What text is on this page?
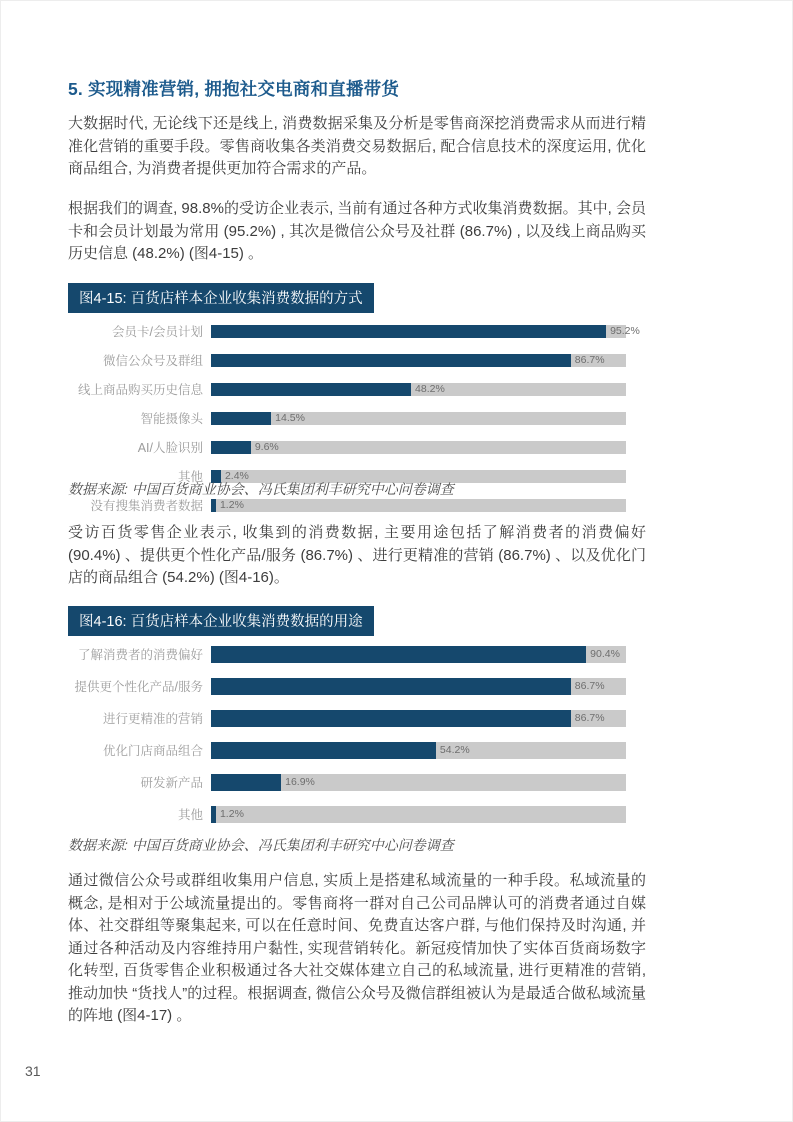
5. 实现精准营销, 拥抱社交电商和直播带货
大数据时代, 无论线下还是线上, 消费数据采集及分析是零售商深挖消费需求从而进行精准化营销的重要手段。零售商收集各类消费交易数据后, 配合信息技术的深度运用, 优化商品组合, 为消费者提供更加符合需求的产品。
根据我们的调查, 98.8%的受访企业表示, 当前有通过各种方式收集消费数据。其中, 会员卡和会员计划最为常用 (95.2%) , 其次是微信公众号及社群 (86.7%) , 以及线上商品购买历史信息 (48.2%) (图4-15) 。
图4-15: 百货店样本企业收集消费数据的方式
会员卡/会员计划	95.2%
微信公众号及群组	86.7%
线上商品购买历史信息	48.2%
智能摄像头	14.5%
AI/人脸识别	9.6%
其他	2.4%
没有搜集消费者数据	1.2%
数据来源: 中国百货商业协会、冯氏集团利丰研究中心问卷调查
受访百货零售企业表示, 收集到的消费数据, 主要用途包括了解消费者的消费偏好 (90.4%) 、提供更个性化产品/服务 (86.7%) 、进行更精准的营销 (86.7%) 、以及优化门店的商品组合 (54.2%) (图4-16)。
图4-16: 百货店样本企业收集消费数据的用途
了解消费者的消费偏好	90.4%
提供更个性化产品/服务	86.7%
进行更精准的营销	86.7%
优化门店商品组合	54.2%
研发新产品	16.9%
其他	1.2%
数据来源: 中国百货商业协会、冯氏集团利丰研究中心问卷调查
通过微信公众号或群组收集用户信息, 实质上是搭建私域流量的一种手段。私域流量的概念, 是相对于公域流量提出的。零售商将一群对自己公司品牌认可的消费者通过自媒体、社交群组等聚集起来, 可以在任意时间、免费直达客户群, 与他们保持及时沟通, 并通过各种活动及内容维持用户黏性, 实现营销转化。新冠疫情加快了实体百货商场数字化转型, 百货零售企业积极通过各大社交媒体建立自己的私域流量, 进行更精准的营销, 推动加快 “货找人”的过程。根据调查, 微信公众号及微信群组被认为是最适合做私域流量的阵地 (图4-17) 。
31
